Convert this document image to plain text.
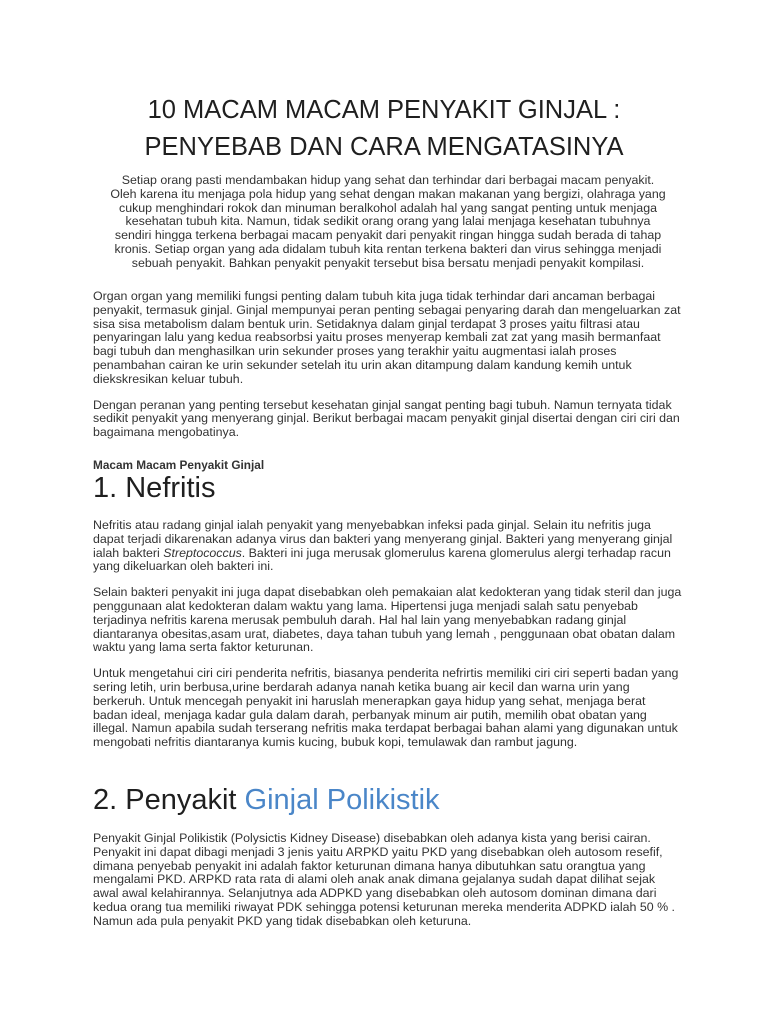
10 MACAM MACAM PENYAKIT GINJAL :
PENYEBAB DAN CARA MENGATASINYA

Setiap orang pasti mendambakan hidup yang sehat dan terhindar dari berbagai macam penyakit.

Oleh karena itu menjaga pola hidup yang sehat dengan makan makanan yang bergizi, olahraga yang

cukup menghindari rokok dan minuman beralkohol adalah hal yang sangat penting untuk menjaga

kesehatan tubuh kita. Namun, tidak sedikit orang orang yang lalai menjaga kesehatan tubuhnya

sendiri hingga terkena berbagai macam penyakit dari penyakit ringan hingga sudah berada di tahap

kronis. Setiap organ yang ada didalam tubuh kita rentan terkena bakteri dan virus sehingga menjadi

sebuah penyakit. Bahkan penyakit penyakit tersebut bisa bersatu menjadi penyakit kompilasi.

Organ organ yang memiliki fungsi penting dalam tubuh kita juga tidak terhindar dari ancaman berbagai penyakit, termasuk ginjal. Ginjal mempunyai peran penting sebagai penyaring darah dan mengeluarkan zat sisa sisa metabolism dalam bentuk urin. Setidaknya dalam ginjal terdapat 3 proses yaitu filtrasi atau penyaringan lalu yang kedua reabsorbsi yaitu proses menyerap kembali zat zat yang masih bermanfaat bagi tubuh dan menghasilkan urin sekunder proses yang terakhir yaitu augmentasi ialah proses penambahan cairan ke urin sekunder setelah itu urin akan ditampung dalam kandung kemih untuk diekskresikan keluar tubuh.

Dengan peranan yang penting tersebut kesehatan ginjal sangat penting bagi tubuh. Namun ternyata tidak sedikit penyakit yang menyerang ginjal. Berikut berbagai macam penyakit ginjal disertai dengan ciri ciri dan bagaimana mengobatinya.

Macam Macam Penyakit Ginjal

1. Nefritis

Nefritis atau radang ginjal ialah penyakit yang menyebabkan infeksi pada ginjal. Selain itu nefritis juga dapat terjadi dikarenakan adanya virus dan bakteri yang menyerang ginjal. Bakteri yang menyerang ginjal ialah bakteri Streptococcus. Bakteri ini juga merusak glomerulus karena glomerulus alergi terhadap racun yang dikeluarkan oleh bakteri ini.

Selain bakteri penyakit ini juga dapat disebabkan oleh pemakaian alat kedokteran yang tidak steril dan juga penggunaan alat kedokteran dalam waktu yang lama. Hipertensi juga menjadi salah satu penyebab terjadinya nefritis karena merusak pembuluh darah. Hal hal lain yang menyebabkan radang ginjal diantaranya obesitas,asam urat, diabetes, daya tahan tubuh yang lemah , penggunaan obat obatan dalam waktu yang lama serta faktor keturunan.

Untuk mengetahui ciri ciri penderita nefritis, biasanya penderita nefrirtis memiliki ciri ciri seperti badan yang sering letih, urin berbusa,urine berdarah adanya nanah ketika buang air kecil dan warna urin yang berkeruh. Untuk mencegah penyakit ini haruslah menerapkan gaya hidup yang sehat, menjaga berat badan ideal, menjaga kadar gula dalam darah, perbanyak minum air putih, memilih obat obatan yang illegal. Namun apabila sudah terserang nefritis maka terdapat berbagai bahan alami yang digunakan untuk mengobati nefritis diantaranya kumis kucing, bubuk kopi, temulawak dan rambut jagung.

2. Penyakit Ginjal Polikistik

Penyakit Ginjal Polikistik (Polysictis Kidney Disease) disebabkan oleh adanya kista yang berisi cairan. Penyakit ini dapat dibagi menjadi 3 jenis yaitu ARPKD yaitu PKD yang disebabkan oleh autosom resefif, dimana penyebab penyakit ini adalah faktor keturunan dimana hanya dibutuhkan satu orangtua yang mengalami PKD. ARPKD rata rata di alami oleh anak anak dimana gejalanya sudah dapat dilihat sejak awal awal kelahirannya. Selanjutnya ada ADPKD yang disebabkan oleh autosom dominan dimana dari kedua orang tua memiliki riwayat PDK sehingga potensi keturunan mereka menderita ADPKD ialah 50 % . Namun ada pula penyakit PKD yang tidak disebabkan oleh keturuna.
